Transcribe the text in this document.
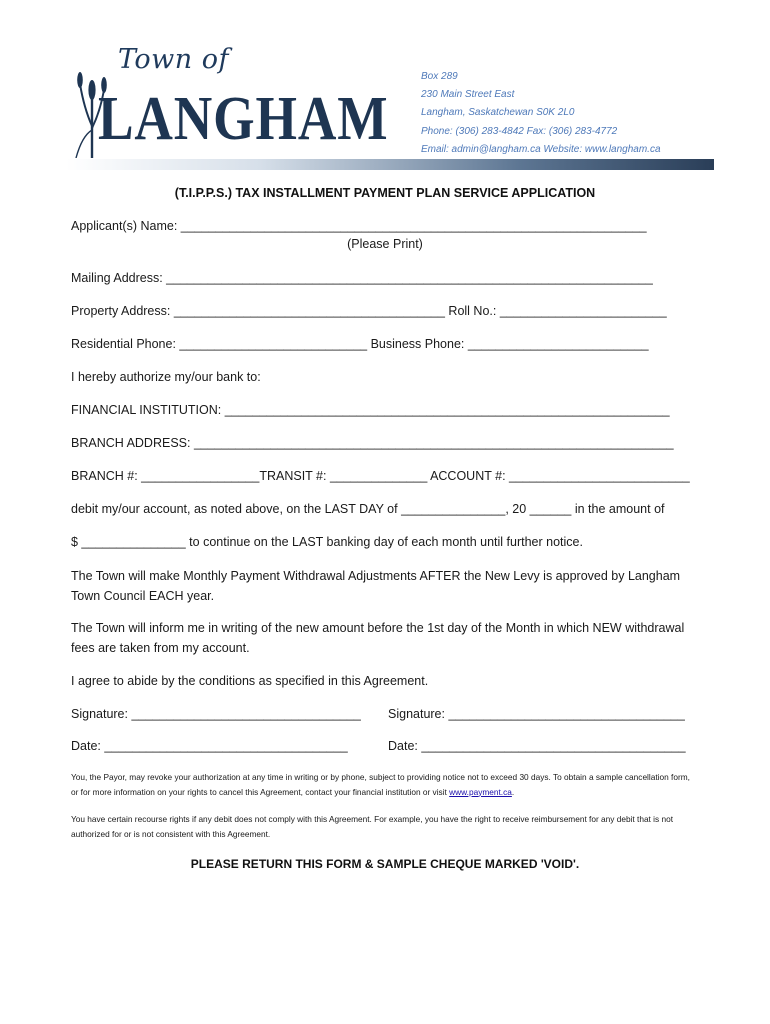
Town of
LANGHAM
Box 289
230 Main Street East
Langham, Saskatchewan S0K 2L0
Phone: (306) 283-4842 Fax: (306) 283-4772
Email: admin@langham.ca Website: www.langham.ca
(T.I.P.P.S.) TAX INSTALLMENT PAYMENT PLAN SERVICE APPLICATION
Applicant(s) Name: ___________________________________________________________________
(Please Print)
Mailing Address: ______________________________________________________________________
Property Address: _______________________________________ Roll No.: ________________________
Residential Phone: ___________________________ Business Phone: __________________________
I hereby authorize my/our bank to:
FINANCIAL INSTITUTION: ________________________________________________________________
BRANCH ADDRESS: _____________________________________________________________________
BRANCH #: _________________TRANSIT #: ______________ ACCOUNT #: __________________________
debit my/our account, as noted above, on the LAST DAY of _______________, 20 ______ in the amount of
$ _______________ to continue on the LAST banking day of each month until further notice.
The Town will make Monthly Payment Withdrawal Adjustments AFTER the New Levy is approved by Langham Town Council EACH year.
The Town will inform me in writing of the new amount before the 1st day of the Month in which NEW withdrawal fees are taken from my account.
I agree to abide by the conditions as specified in this Agreement.
Signature: _________________________________ Signature: __________________________________
Date: ___________________________________	Date: ______________________________________
You, the Payor, may revoke your authorization at any time in writing or by phone, subject to providing notice not to exceed 30 days. To obtain a sample cancellation form, or for more information on your rights to cancel this Agreement, contact your financial institution or visit www.payment.ca.
You have certain recourse rights if any debit does not comply with this Agreement. For example, you have the right to receive reimbursement for any debit that is not authorized for or is not consistent with this Agreement.
PLEASE RETURN THIS FORM & SAMPLE CHEQUE MARKED 'VOID'.
